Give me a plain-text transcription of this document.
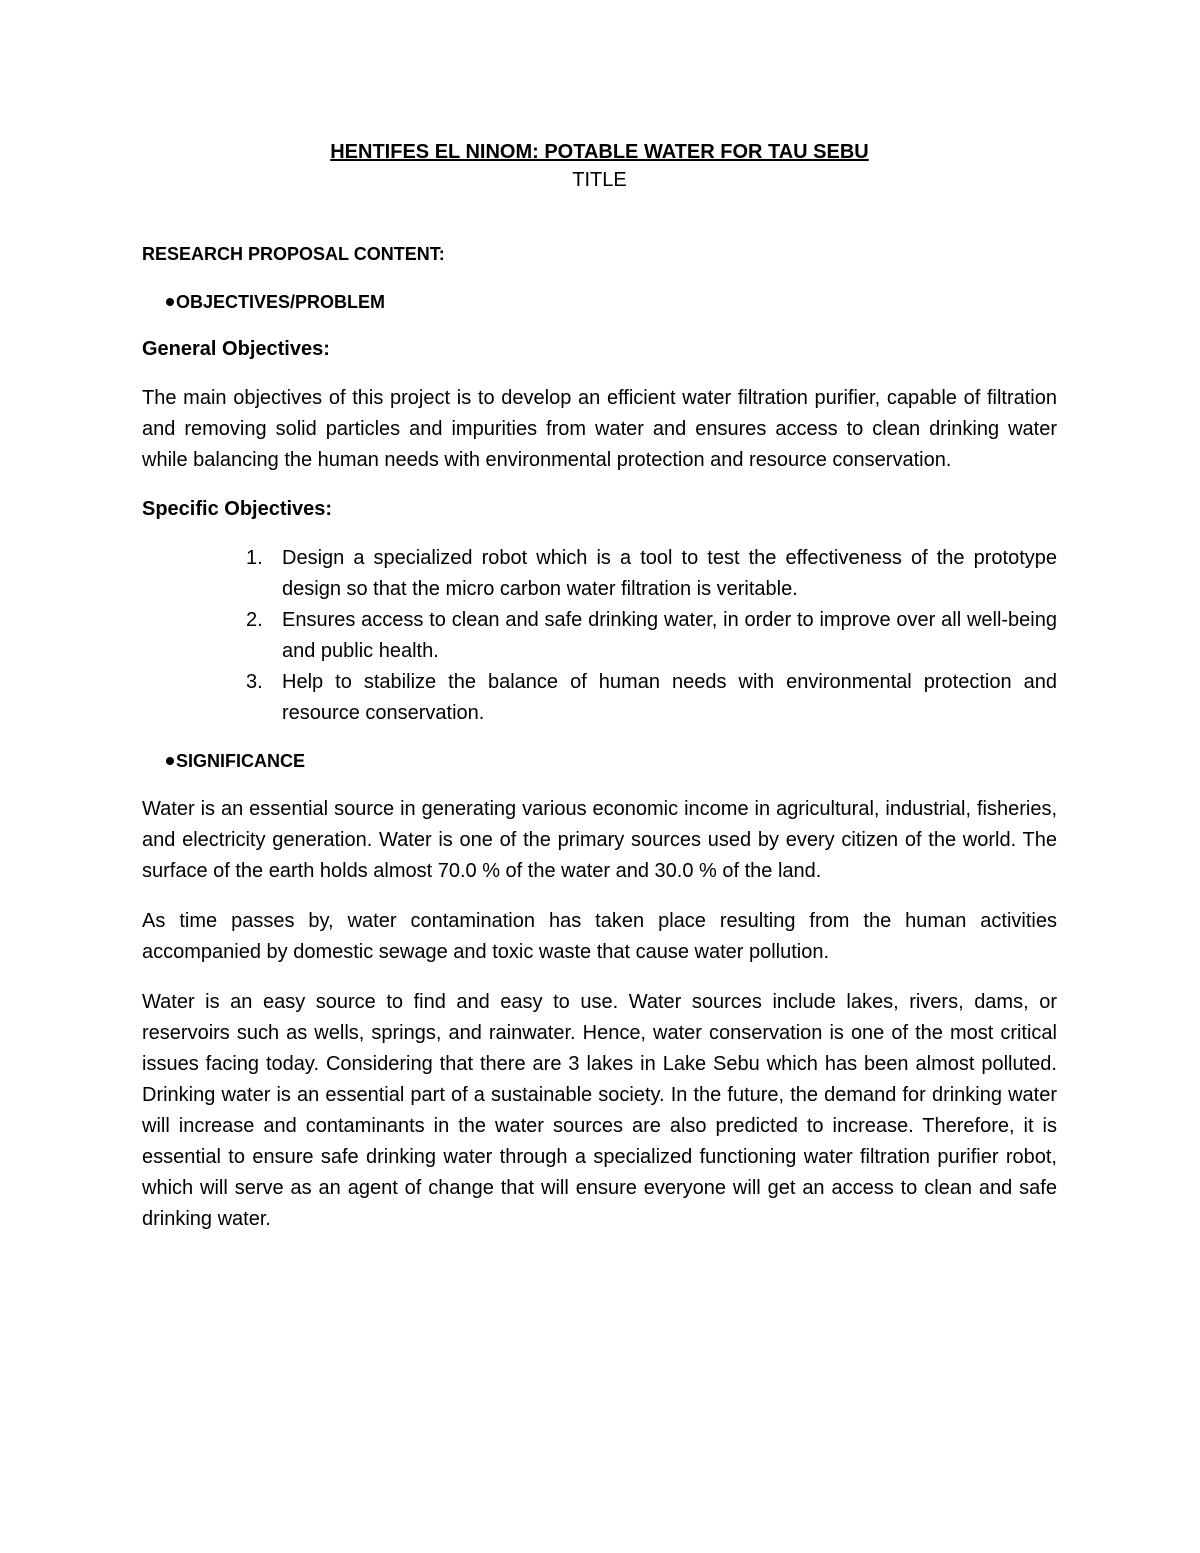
HENTIFES EL NINOM: POTABLE WATER FOR TAU SEBU

TITLE

RESEARCH PROPOSAL CONTENT:

OBJECTIVES/PROBLEM

General Objectives:

The main objectives of this project is to develop an efficient water filtration purifier, capable of filtration and removing solid particles and impurities from water and ensures access to clean drinking water while balancing the human needs with environmental protection and resource conservation.

Specific Objectives:

1. Design a specialized robot which is a tool to test the effectiveness of the prototype design so that the micro carbon water filtration is veritable.
2. Ensures access to clean and safe drinking water, in order to improve over all well-being and public health.
3. Help to stabilize the balance of human needs with environmental protection and resource conservation.
SIGNIFICANCE

Water is an essential source in generating various economic income in agricultural, industrial, fisheries, and electricity generation. Water is one of the primary sources used by every citizen of the world. The surface of the earth holds almost 70.0 % of the water and 30.0 % of the land.

As time passes by, water contamination has taken place resulting from the human activities accompanied by domestic sewage and toxic waste that cause water pollution.

Water is an easy source to find and easy to use. Water sources include lakes, rivers, dams, or reservoirs such as wells, springs, and rainwater. Hence, water conservation is one of the most critical issues facing today. Considering that there are 3 lakes in Lake Sebu which has been almost polluted. Drinking water is an essential part of a sustainable society. In the future, the demand for drinking water will increase and contaminants in the water sources are also predicted to increase. Therefore, it is essential to ensure safe drinking water through a specialized functioning water filtration purifier robot, which will serve as an agent of change that will ensure everyone will get an access to clean and safe drinking water.
